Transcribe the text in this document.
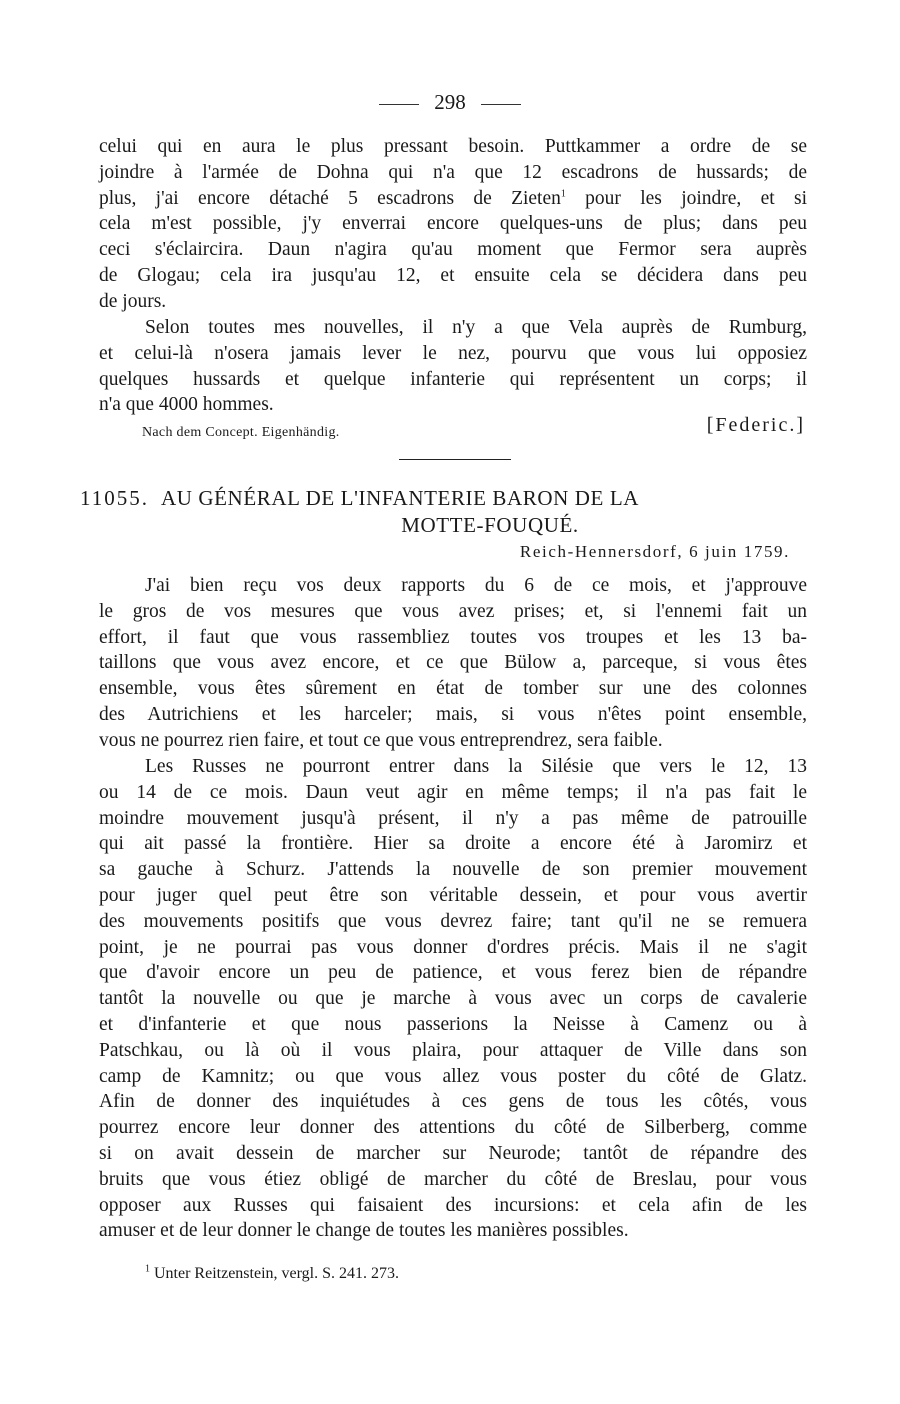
298
celui qui en aura le plus pressant besoin. Puttkammer a ordre de se
joindre à l'armée de Dohna qui n'a que 12 escadrons de hussards; de
plus, j'ai encore détaché 5 escadrons de Zieten$^1$ pour les joindre, et si
cela m'est possible, j'y enverrai encore quelques-uns de plus; dans peu
ceci s'éclaircira. Daun n'agira qu'au moment que Fermor sera auprès
de Glogau; cela ira jusqu'au 12, et ensuite cela se décidera dans peu
de jours.
Selon toutes mes nouvelles, il n'y a que Vela auprès de Rumburg,
et celui-là n'osera jamais lever le nez, pourvu que vous lui opposiez
quelques hussards et quelque infanterie qui représentent un corps; il
n'a que 4000 hommes.
Nach dem Concept. Eigenhändig.	[Federic.]
11055. AU GÉNÉRAL DE L'INFANTERIE BARON DE LA
MOTTE-FOUQUÉ.
Reich-Hennersdorf, 6 juin 1759.
J'ai bien reçu vos deux rapports du 6 de ce mois, et j'approuve
le gros de vos mesures que vous avez prises; et, si l'ennemi fait un
effort, il faut que vous rassembliez toutes vos troupes et les 13 ba-
taillons que vous avez encore, et ce que Bülow a, parceque, si vous êtes
ensemble, vous êtes sûrement en état de tomber sur une des colonnes
des Autrichiens et les harceler; mais, si vous n'êtes point ensemble,
vous ne pourrez rien faire, et tout ce que vous entreprendrez, sera faible.
Les Russes ne pourront entrer dans la Silésie que vers le 12, 13
ou 14 de ce mois. Daun veut agir en même temps; il n'a pas fait le
moindre mouvement jusqu'à présent, il n'y a pas même de patrouille
qui ait passé la frontière. Hier sa droite a encore été à Jaromirz et
sa gauche à Schurz. J'attends la nouvelle de son premier mouvement
pour juger quel peut être son véritable dessein, et pour vous avertir
des mouvements positifs que vous devrez faire; tant qu'il ne se remuera
point, je ne pourrai pas vous donner d'ordres précis. Mais il ne s'agit
que d'avoir encore un peu de patience, et vous ferez bien de répandre
tantôt la nouvelle ou que je marche à vous avec un corps de cavalerie
et d'infanterie et que nous passerions la Neisse à Camenz ou à
Patschkau, ou là où il vous plaira, pour attaquer de Ville dans son
camp de Kamnitz; ou que vous allez vous poster du côté de Glatz.
Afin de donner des inquiétudes à ces gens de tous les côtés, vous
pourrez encore leur donner des attentions du côté de Silberberg, comme
si on avait dessein de marcher sur Neurode; tantôt de répandre des
bruits que vous étiez obligé de marcher du côté de Breslau, pour vous
opposer aux Russes qui faisaient des incursions: et cela afin de les
amuser et de leur donner le change de toutes les manières possibles.
$^1$ Unter Reitzenstein, vergl. S. 241. 273.
